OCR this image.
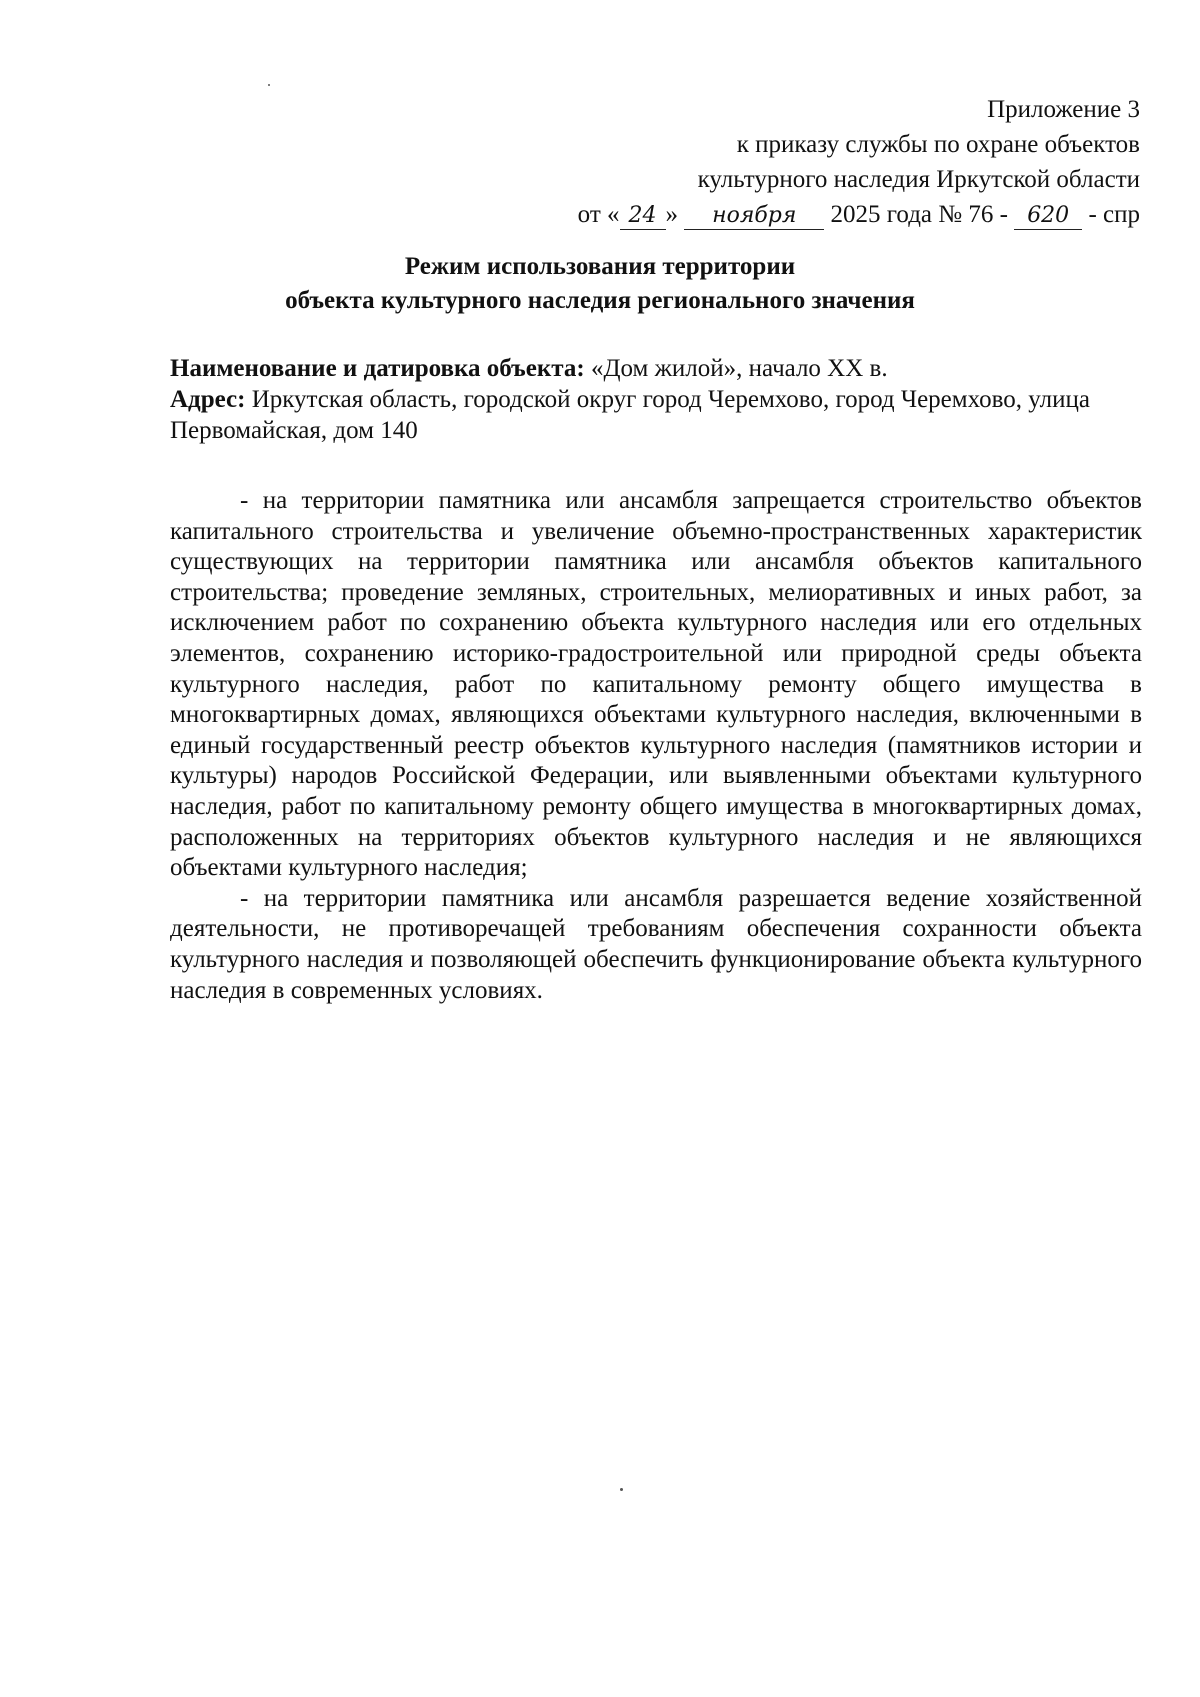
Приложение 3
к приказу службы по охране объектов
культурного наследия Иркутской области
от « 24 » ноября 2025 года № 76 - 620 - спр
Режим использования территории
объекта культурного наследия регионального значения
Наименование и датировка объекта: «Дом жилой», начало XX в.
Адрес: Иркутская область, городской округ город Черемхово, город Черемхово, улица Первомайская, дом 140

- на территории памятника или ансамбля запрещается строительство объектов капитального строительства и увеличение объемно-пространственных характеристик существующих на территории памятника или ансамбля объектов капитального строительства; проведение земляных, строительных, мелиоративных и иных работ, за исключением работ по сохранению объекта культурного наследия или его отдельных элементов, сохранению историко-градостроительной или природной среды объекта культурного наследия, работ по капитальному ремонту общего имущества в многоквартирных домах, являющихся объектами культурного наследия, включенными в единый государственный реестр объектов культурного наследия (памятников истории и культуры) народов Российской Федерации, или выявленными объектами культурного наследия, работ по капитальному ремонту общего имущества в многоквартирных домах, расположенных на территориях объектов культурного наследия и не являющихся объектами культурного наследия;

- на территории памятника или ансамбля разрешается ведение хозяйственной деятельности, не противоречащей требованиям обеспечения сохранности объекта культурного наследия и позволяющей обеспечить функционирование объекта культурного наследия в современных условиях.
